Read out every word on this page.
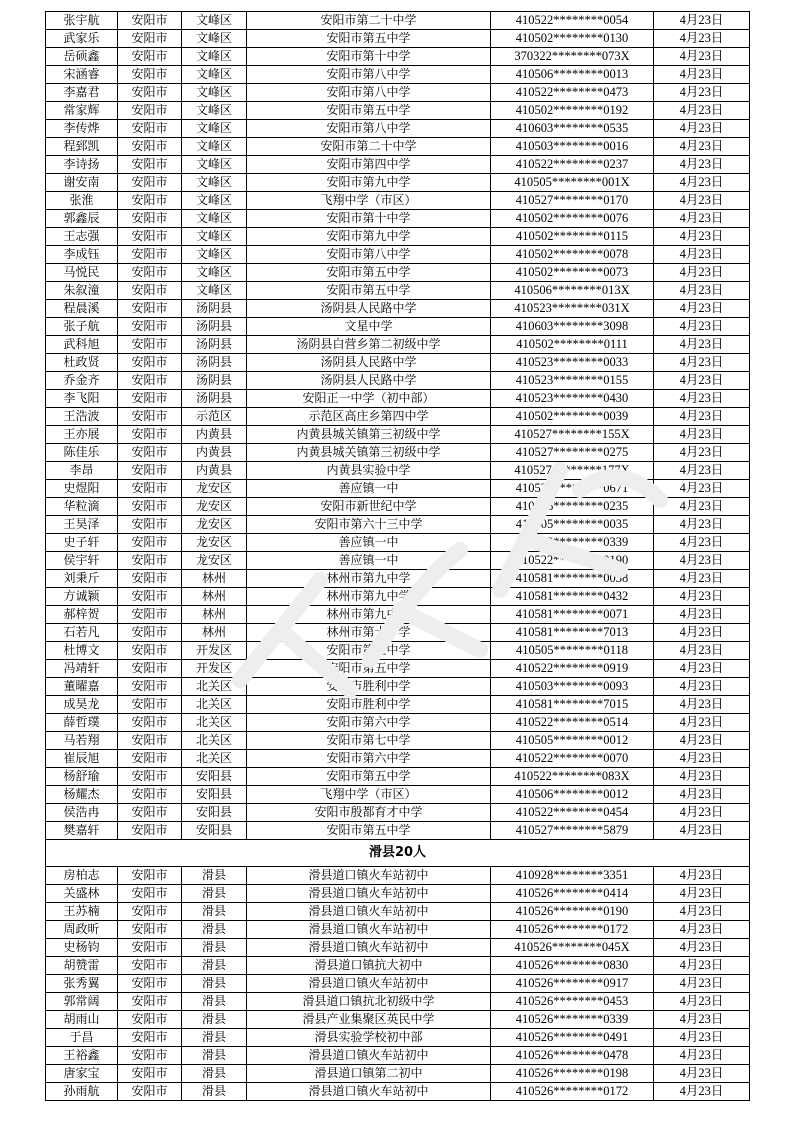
张宇航	安阳市	文峰区	安阳市第二十中学	410522********0054	4月23日
武家乐	安阳市	文峰区	安阳市第五中学	410502********0130	4月23日
岳硕鑫	安阳市	文峰区	安阳市第十中学	370322********073X	4月23日
宋涵睿	安阳市	文峰区	安阳市第八中学	410506********0013	4月23日
李嘉君	安阳市	文峰区	安阳市第八中学	410522********0473	4月23日
常家辉	安阳市	文峰区	安阳市第五中学	410502********0192	4月23日
李传烨	安阳市	文峰区	安阳市第八中学	410603********0535	4月23日
程郅凯	安阳市	文峰区	安阳市第二十中学	410503********0016	4月23日
李诗扬	安阳市	文峰区	安阳市第四中学	410522********0237	4月23日
谢安南	安阳市	文峰区	安阳市第九中学	410505********001X	4月23日
张淮	安阳市	文峰区	飞翔中学（市区）	410527********0170	4月23日
郭鑫辰	安阳市	文峰区	安阳市第十中学	410502********0076	4月23日
王志强	安阳市	文峰区	安阳市第九中学	410502********0115	4月23日
李成钰	安阳市	文峰区	安阳市第八中学	410502********0078	4月23日
马悦民	安阳市	文峰区	安阳市第五中学	410502********0073	4月23日
朱叙潼	安阳市	文峰区	安阳市第五中学	410506********013X	4月23日
程晨溪	安阳市	汤阴县	汤阴县人民路中学	410523********031X	4月23日
张子航	安阳市	汤阴县	文星中学	410603********3098	4月23日
武科旭	安阳市	汤阴县	汤阴县白营乡第二初级中学	410502********0111	4月23日
杜政贤	安阳市	汤阴县	汤阴县人民路中学	410523********0033	4月23日
乔金齐	安阳市	汤阴县	汤阴县人民路中学	410523********0155	4月23日
李飞阳	安阳市	汤阴县	安阳正一中学（初中部）	410523********0430	4月23日
王浩波	安阳市	示范区	示范区高庄乡第四中学	410502********0039	4月23日
王亦展	安阳市	内黄县	内黄县城关镇第三初级中学	410527********155X	4月23日
陈佳乐	安阳市	内黄县	内黄县城关镇第三初级中学	410527********0275	4月23日
李昂	安阳市	内黄县	内黄县实验中学	410527********177X	4月23日
史煜阳	安阳市	龙安区	善应镇一中	410522********0671	4月23日
华粒滴	安阳市	龙安区	安阳市新世纪中学	410526********0235	4月23日
王昊泽	安阳市	龙安区	安阳市第六十三中学	410505********0035	4月23日
史子轩	安阳市	龙安区	善应镇一中	410522********0339	4月23日
侯宇轩	安阳市	龙安区	善应镇一中	410522********0190	4月23日
刘秉斤	安阳市	林州	林州市第九中学	410581********0038	4月23日
方诚颖	安阳市	林州	林州市第九中学	410581********0432	4月23日
郝梓贺	安阳市	林州	林州市第九中学	410581********0071	4月23日
石若凡	安阳市	林州	林州市第十中学	410581********7013	4月23日
杜博文	安阳市	开发区	安阳市第五中学	410505********0118	4月23日
冯靖轩	安阳市	开发区	安阳市第五中学	410522********0919	4月23日
董曜嘉	安阳市	北关区	安阳市胜利中学	410503********0093	4月23日
成昊龙	安阳市	北关区	安阳市胜利中学	410581********7015	4月23日
薛哲璞	安阳市	北关区	安阳市第六中学	410522********0514	4月23日
马若翔	安阳市	北关区	安阳市第七中学	410505********0012	4月23日
崔辰旭	安阳市	北关区	安阳市第六中学	410522********0070	4月23日
杨舒瑜	安阳市	安阳县	安阳市第五中学	410522********083X	4月23日
杨耀杰	安阳市	安阳县	飞翔中学（市区）	410506********0012	4月23日
侯浩冉	安阳市	安阳县	安阳市殷都育才中学	410522********0454	4月23日
樊嘉轩	安阳市	安阳县	安阳市第五中学	410527********5879	4月23日
滑县20人					
房柏志	安阳市	滑县	滑县道口镇火车站初中	410928********3351	4月23日
关盛林	安阳市	滑县	滑县道口镇火车站初中	410526********0414	4月23日
王苏楠	安阳市	滑县	滑县道口镇火车站初中	410526********0190	4月23日
周政昕	安阳市	滑县	滑县道口镇火车站初中	410526********0172	4月23日
史杨钧	安阳市	滑县	滑县道口镇火车站初中	410526********045X	4月23日
胡赞雷	安阳市	滑县	滑县道口镇抗大初中	410526********0830	4月23日
张秀翼	安阳市	滑县	滑县道口镇火车站初中	410526********0917	4月23日
郭常阔	安阳市	滑县	滑县道口镇抗北初级中学	410526********0453	4月23日
胡雨山	安阳市	滑县	滑县产业集聚区英民中学	410526********0339	4月23日
于昌	安阳市	滑县	滑县实验学校初中部	410526********0491	4月23日
王裕鑫	安阳市	滑县	滑县道口镇火车站初中	410526********0478	4月23日
唐家宝	安阳市	滑县	滑县道口镇第二初中	410526********0198	4月23日
孙雨航	安阳市	滑县	滑县道口镇火车站初中	410526********0172	4月23日
